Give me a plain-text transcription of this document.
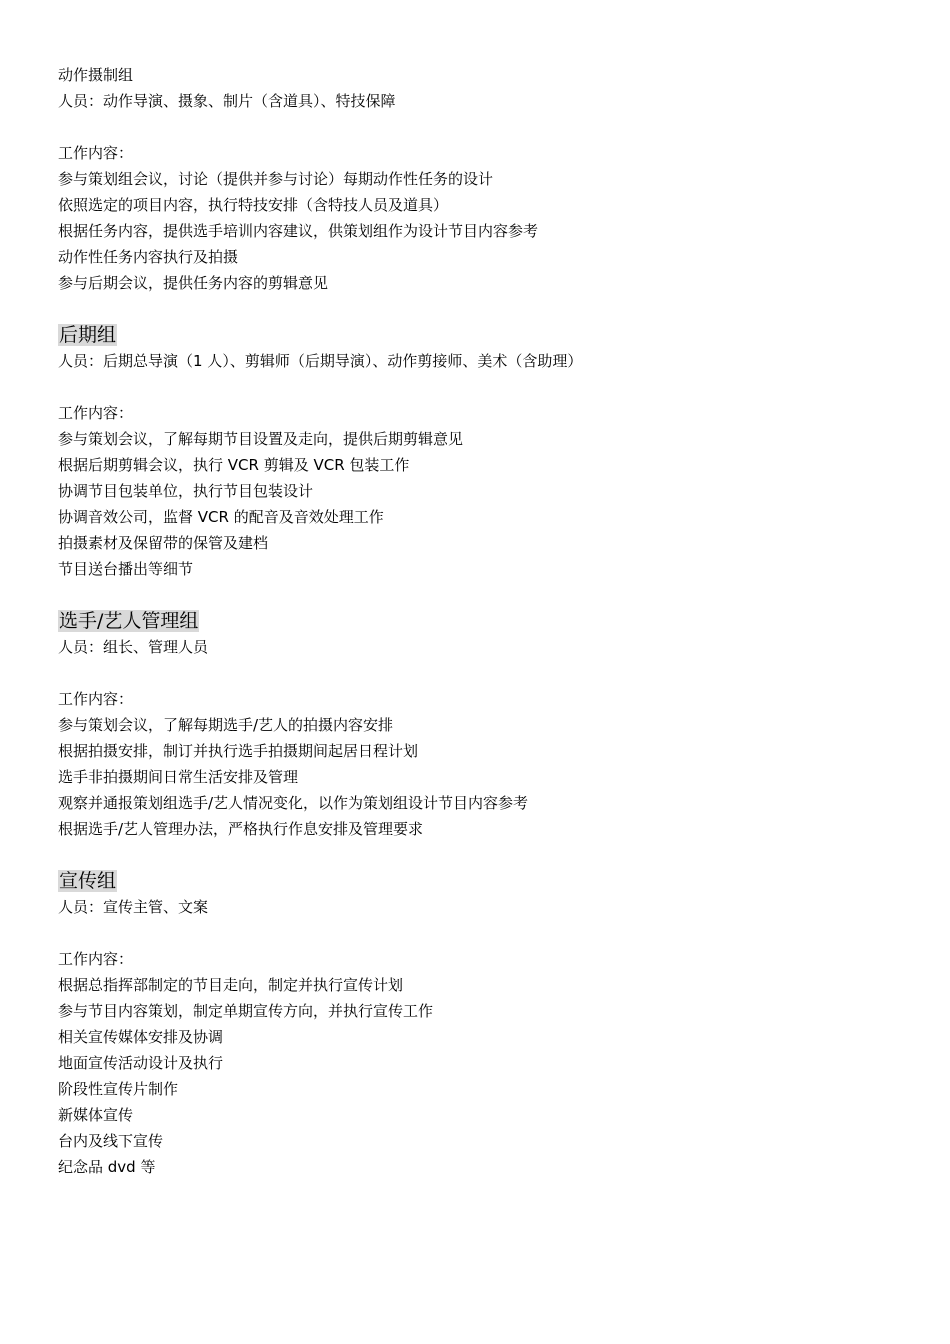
动作摄制组
人员：动作导演、摄象、制片（含道具）、特技保障
工作内容：
参与策划组会议，讨论（提供并参与讨论）每期动作性任务的设计
依照选定的项目内容，执行特技安排（含特技人员及道具）
根据任务内容，提供选手培训内容建议，供策划组作为设计节目内容参考
动作性任务内容执行及拍摄
参与后期会议，提供任务内容的剪辑意见
后期组
人员：后期总导演（1 人）、剪辑师（后期导演）、动作剪接师、美术（含助理）
工作内容：
参与策划会议，了解每期节目设置及走向，提供后期剪辑意见
根据后期剪辑会议，执行 VCR 剪辑及 VCR 包装工作
协调节目包装单位，执行节目包装设计
协调音效公司，监督 VCR 的配音及音效处理工作
拍摄素材及保留带的保管及建档
节目送台播出等细节
选手/艺人管理组
人员：组长、管理人员
工作内容：
参与策划会议，了解每期选手/艺人的拍摄内容安排
根据拍摄安排，制订并执行选手拍摄期间起居日程计划
选手非拍摄期间日常生活安排及管理
观察并通报策划组选手/艺人情况变化，以作为策划组设计节目内容参考
根据选手/艺人管理办法，严格执行作息安排及管理要求
宣传组
人员：宣传主管、文案
工作内容：
根据总指挥部制定的节目走向，制定并执行宣传计划
参与节目内容策划，制定单期宣传方向，并执行宣传工作
相关宣传媒体安排及协调
地面宣传活动设计及执行
阶段性宣传片制作
新媒体宣传
台内及线下宣传
纪念品 dvd 等
